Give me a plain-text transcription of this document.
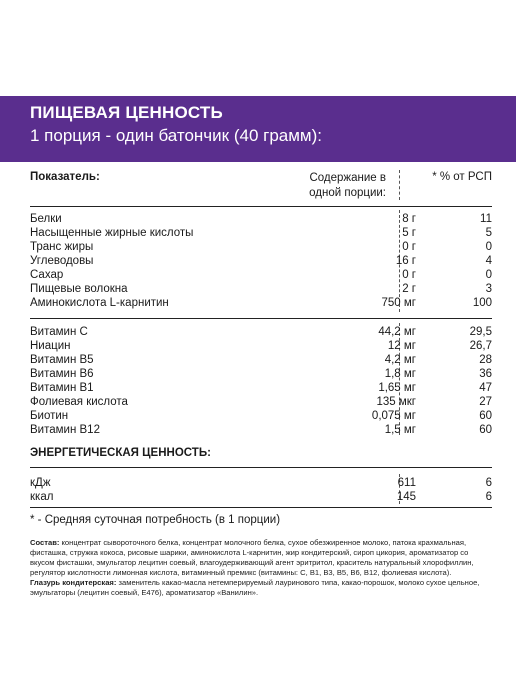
ПИЩЕВАЯ ЦЕННОСТЬ
1 порция - один батончик (40 грамм):
Показатель:	Содержание в одной порции:
* % от РСП
Белки	8 г	11
Насыщенные жирные кислоты	5 г	5
Транс жиры	0 г	0
Углеводовы	16 г	4
Сахар	0 г	0
Пищевые волокна	2 г	3
Аминокислота L-карнитин	750 мг	100
Витамин С	44,2 мг	29,5
Ниацин	12 мг	26,7
Витамин В5	4,2 мг	28
Витамин В6	1,8 мг	36
Витамин В1	1,65 мг	47
Фолиевая кислота	135 мкг	27
Биотин	0,075 мг	60
Витамин В12	1,5 мг	60
ЭНЕРГЕТИЧЕСКАЯ ЦЕННОСТЬ:
кДж	611	6
ккал	145	6
* - Средняя суточная потребность (в 1 порции)
Состав: концентрат сывороточного белка, концентрат молочного белка, сухое обезжиренное молоко, патока крахмальная, фисташка, стружка кокоса, рисовые шарики, аминокислота L-карнитин, жир кондитерский, сироп цикория, ароматизатор со вкусом фисташки, эмульгатор лецитин соевый, влагоудерживающий агент эритритол, краситель натуральный хлорофиллин, регулятор кислотности лимонная кислота, витаминный премикс (витамины: С, В1, В3, В5, В6, В12, фолиевая кислота).
Глазурь кондитерская: заменитель какао-масла нетемперируемый лауринового типа, какао-порошок, молоко сухое цельное, эмульгаторы (лецитин соевый, Е476), ароматизатор «Ванилин».
